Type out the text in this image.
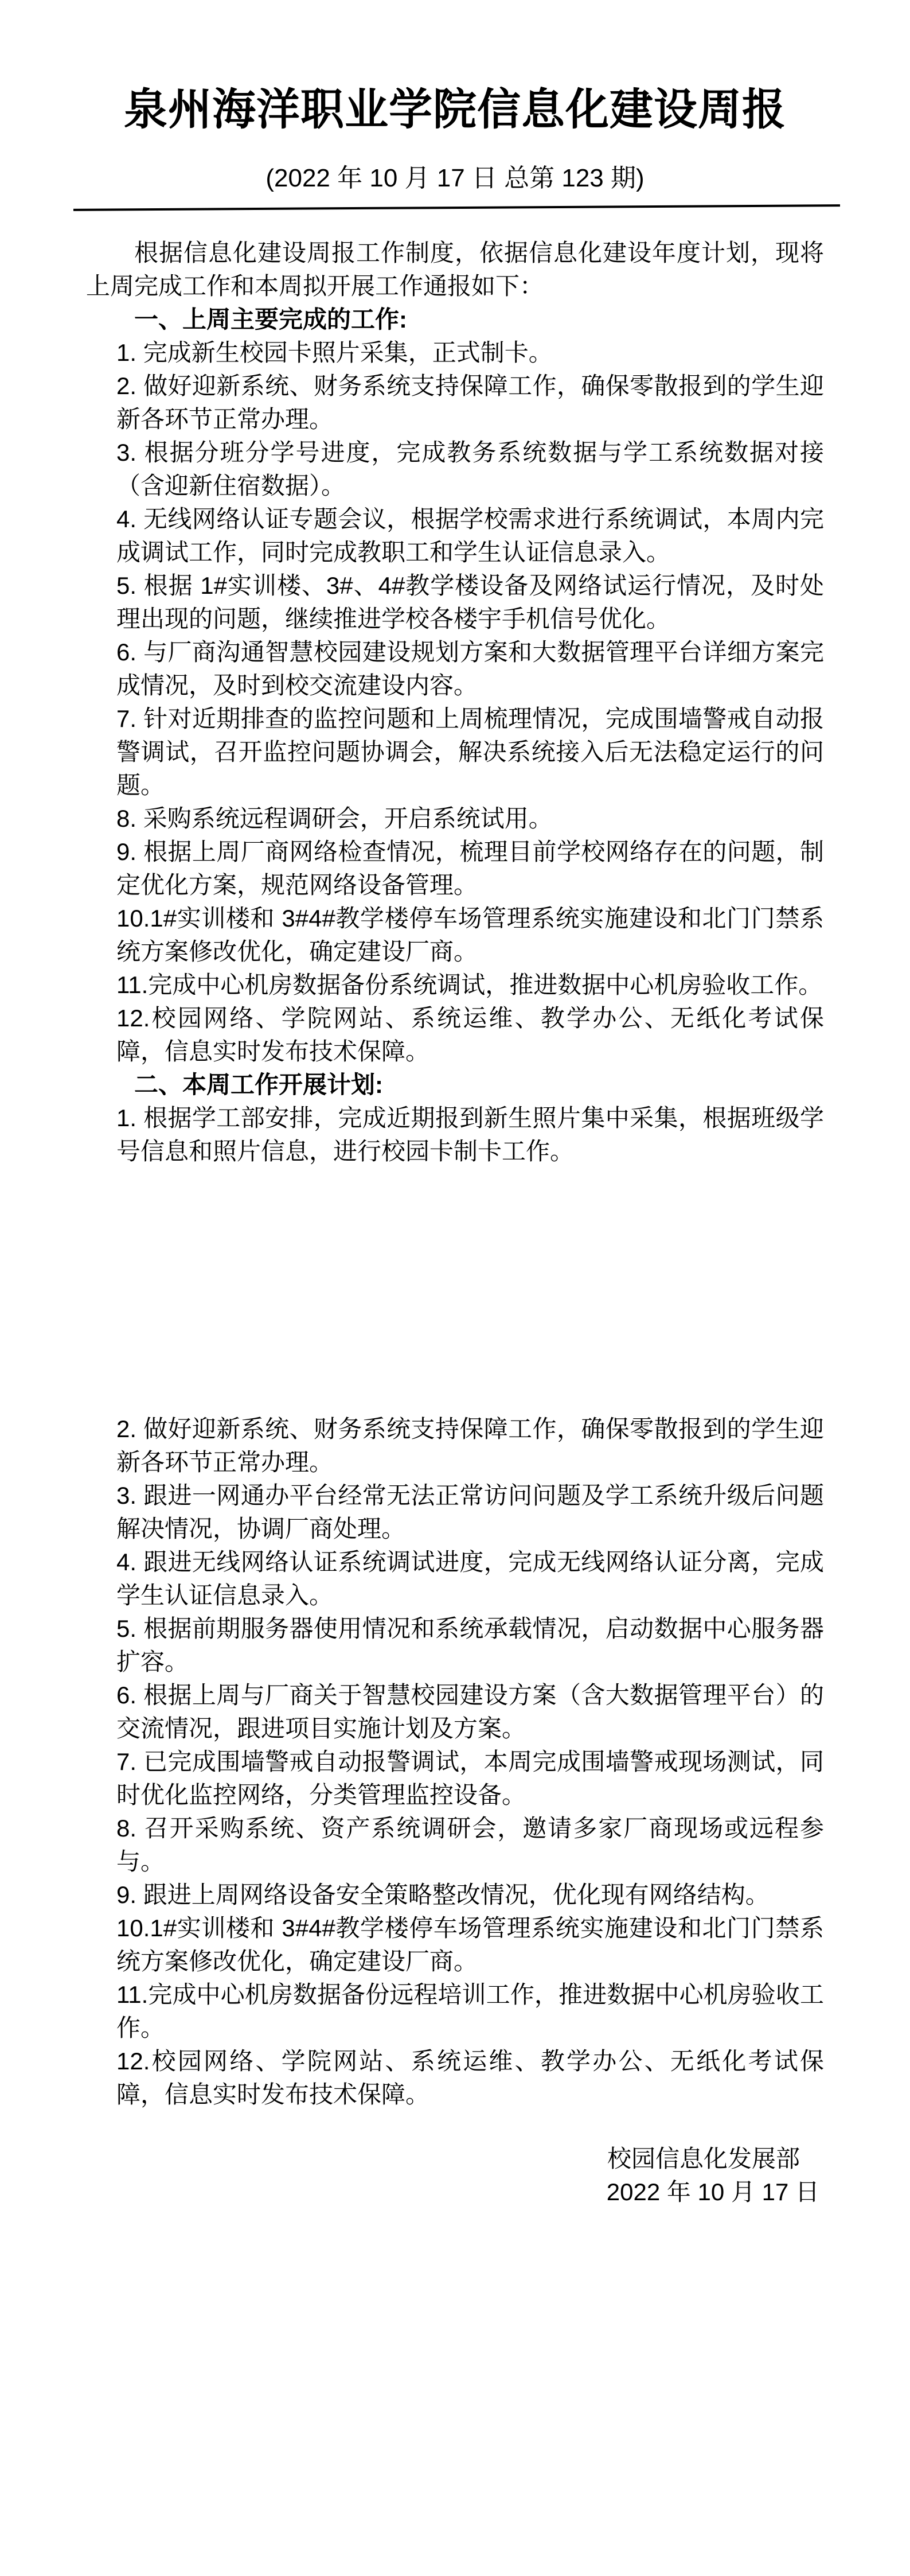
泉州海洋职业学院信息化建设周报

(2022 年 10 月 17 日 总第 123 期)

根据信息化建设周报工作制度，依据信息化建设年度计划，现将上周完成工作和本周拟开展工作通报如下：

一、上周主要完成的工作:

1. 完成新生校园卡照片采集，正式制卡。

2. 做好迎新系统、财务系统支持保障工作，确保零散报到的学生迎新各环节正常办理。

3. 根据分班分学号进度，完成教务系统数据与学工系统数据对接（含迎新住宿数据）。

4. 无线网络认证专题会议，根据学校需求进行系统调试，本周内完成调试工作，同时完成教职工和学生认证信息录入。

5. 根据 1#实训楼、3#、4#教学楼设备及网络试运行情况，及时处理出现的问题，继续推进学校各楼宇手机信号优化。

6. 与厂商沟通智慧校园建设规划方案和大数据管理平台详细方案完成情况，及时到校交流建设内容。

7. 针对近期排查的监控问题和上周梳理情况，完成围墙警戒自动报警调试，召开监控问题协调会，解决系统接入后无法稳定运行的问题。

8. 采购系统远程调研会，开启系统试用。

9. 根据上周厂商网络检查情况，梳理目前学校网络存在的问题，制定优化方案，规范网络设备管理。

10.1#实训楼和 3#4#教学楼停车场管理系统实施建设和北门门禁系统方案修改优化，确定建设厂商。

11.完成中心机房数据备份系统调试，推进数据中心机房验收工作。

12.校园网络、学院网站、系统运维、教学办公、无纸化考试保障，信息实时发布技术保障。

二、本周工作开展计划:

1. 根据学工部安排，完成近期报到新生照片集中采集，根据班级学号信息和照片信息，进行校园卡制卡工作。

2. 做好迎新系统、财务系统支持保障工作，确保零散报到的学生迎新各环节正常办理。

3. 跟进一网通办平台经常无法正常访问问题及学工系统升级后问题解决情况，协调厂商处理。

4. 跟进无线网络认证系统调试进度，完成无线网络认证分离，完成学生认证信息录入。

5. 根据前期服务器使用情况和系统承载情况，启动数据中心服务器扩容。

6. 根据上周与厂商关于智慧校园建设方案（含大数据管理平台）的交流情况，跟进项目实施计划及方案。

7. 已完成围墙警戒自动报警调试，本周完成围墙警戒现场测试，同时优化监控网络，分类管理监控设备。

8. 召开采购系统、资产系统调研会，邀请多家厂商现场或远程参与。

9. 跟进上周网络设备安全策略整改情况，优化现有网络结构。

10.1#实训楼和 3#4#教学楼停车场管理系统实施建设和北门门禁系统方案修改优化，确定建设厂商。

11.完成中心机房数据备份远程培训工作，推进数据中心机房验收工作。

12.校园网络、学院网站、系统运维、教学办公、无纸化考试保障，信息实时发布技术保障。

校园信息化发展部

2022 年 10 月 17 日
